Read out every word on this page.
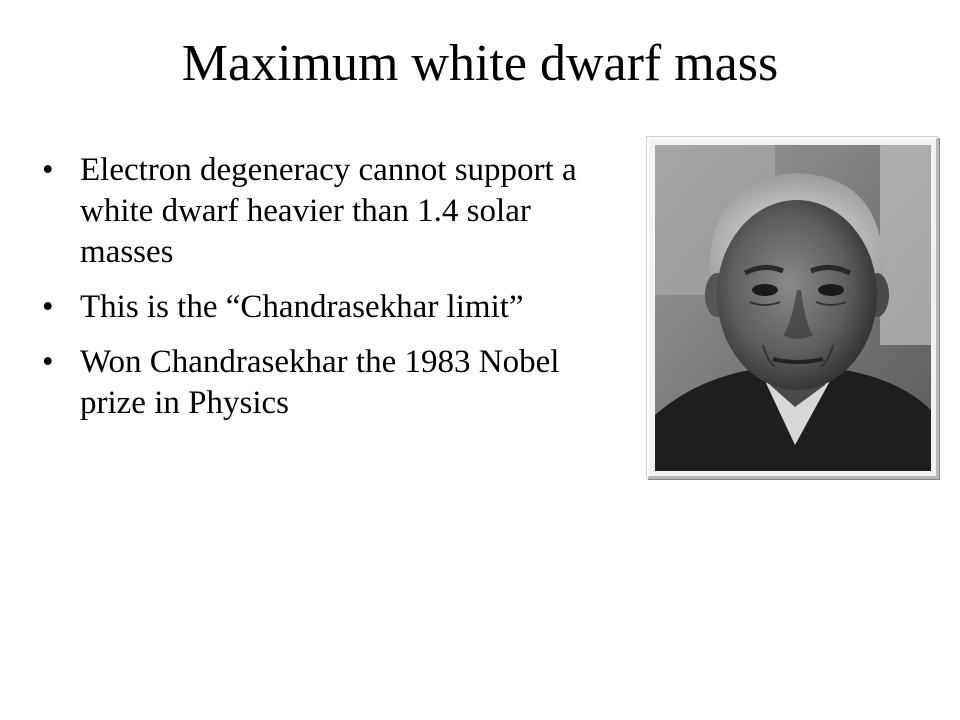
Maximum white dwarf mass
• Electron degeneracy cannot support a white dwarf heavier than 1.4 solar masses
• This is the “Chandrasekhar limit”
• Won Chandrasekhar the 1983 Nobel prize in Physics
